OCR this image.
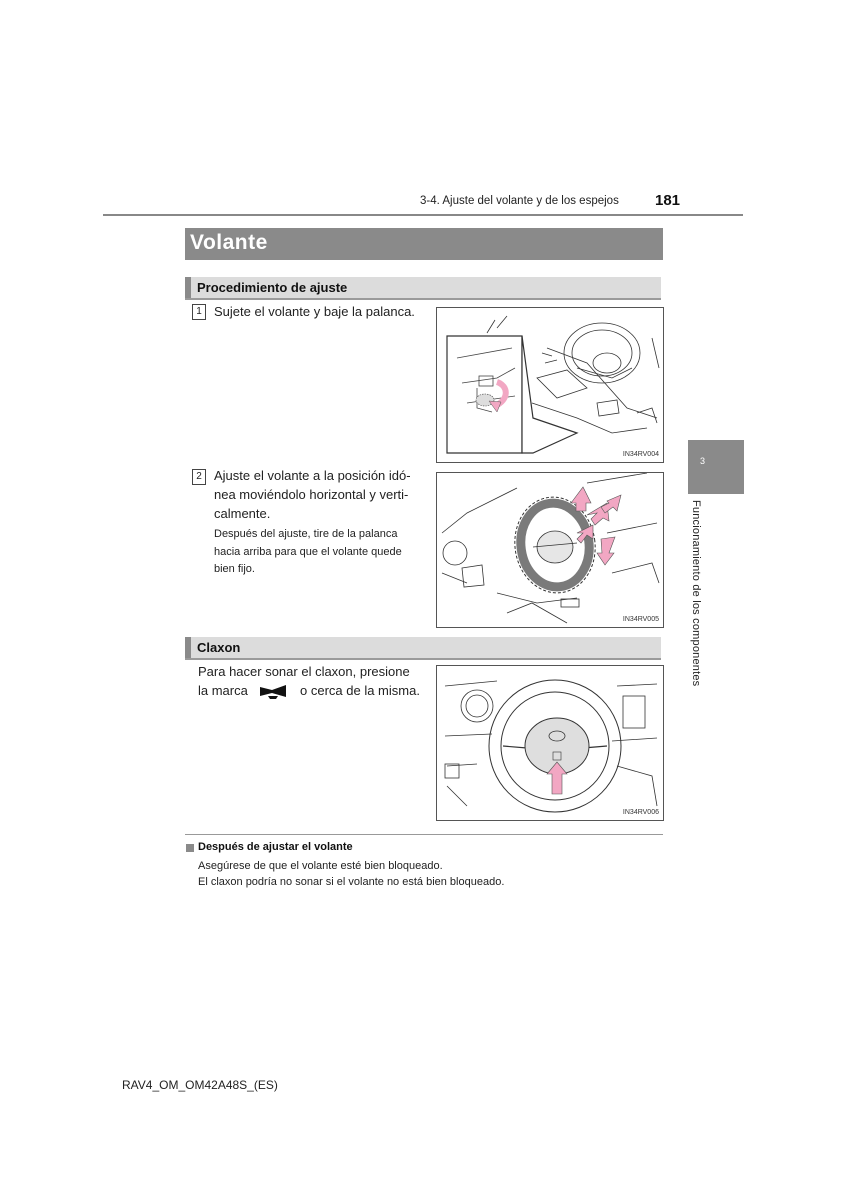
3-4. Ajuste del volante y de los espejos 181
Volante
Procedimiento de ajuste
1 Sujete el volante y baje la palanca.
IN34RV004
2 Ajuste el volante a la posición idó-
nea moviéndolo horizontal y verti-
calmente.
Después del ajuste, tire de la palanca
hacia arriba para que el volante quede
bien fijo.
IN34RV005
Claxon
Para hacer sonar el claxon, presione
la marca	o cerca de la misma.
IN34RV006
Después de ajustar el volante
Asegúrese de que el volante esté bien bloqueado.
El claxon podría no sonar si el volante no está bien bloqueado.
3
Funcionamiento de los componentes
RAV4_OM_OM42A48S_(ES)
